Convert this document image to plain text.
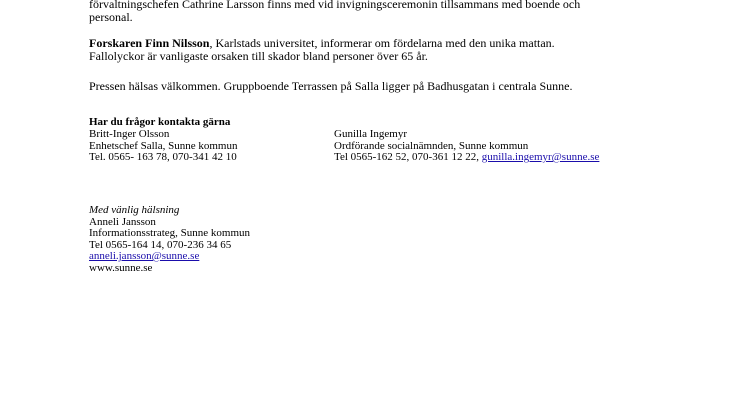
förvaltningschefen Cathrine Larsson finns med vid invigningsceremonin tillsammans med boende och
personal.

Forskaren Finn Nilsson, Karlstads universitet, informerar om fördelarna med den unika mattan.
Fallolyckor är vanligaste orsaken till skador bland personer över 65 år.

Pressen hälsas välkommen. Gruppboende Terrassen på Salla ligger på Badhusgatan i centrala Sunne.

Har du frågor kontakta gärna

Britt-Inger Olsson
Enhetschef Salla, Sunne kommun
Tel. 0565- 163 78, 070-341 42 10
Gunilla Ingemyr
Ordförande socialnämnden, Sunne kommun
Tel 0565-162 52, 070-361 12 22, gunilla.ingemyr@sunne.se
Med vänlig hälsning
Anneli Jansson
Informationsstrateg, Sunne kommun
Tel 0565-164 14, 070-236 34 65
anneli.jansson@sunne.se
www.sunne.se
